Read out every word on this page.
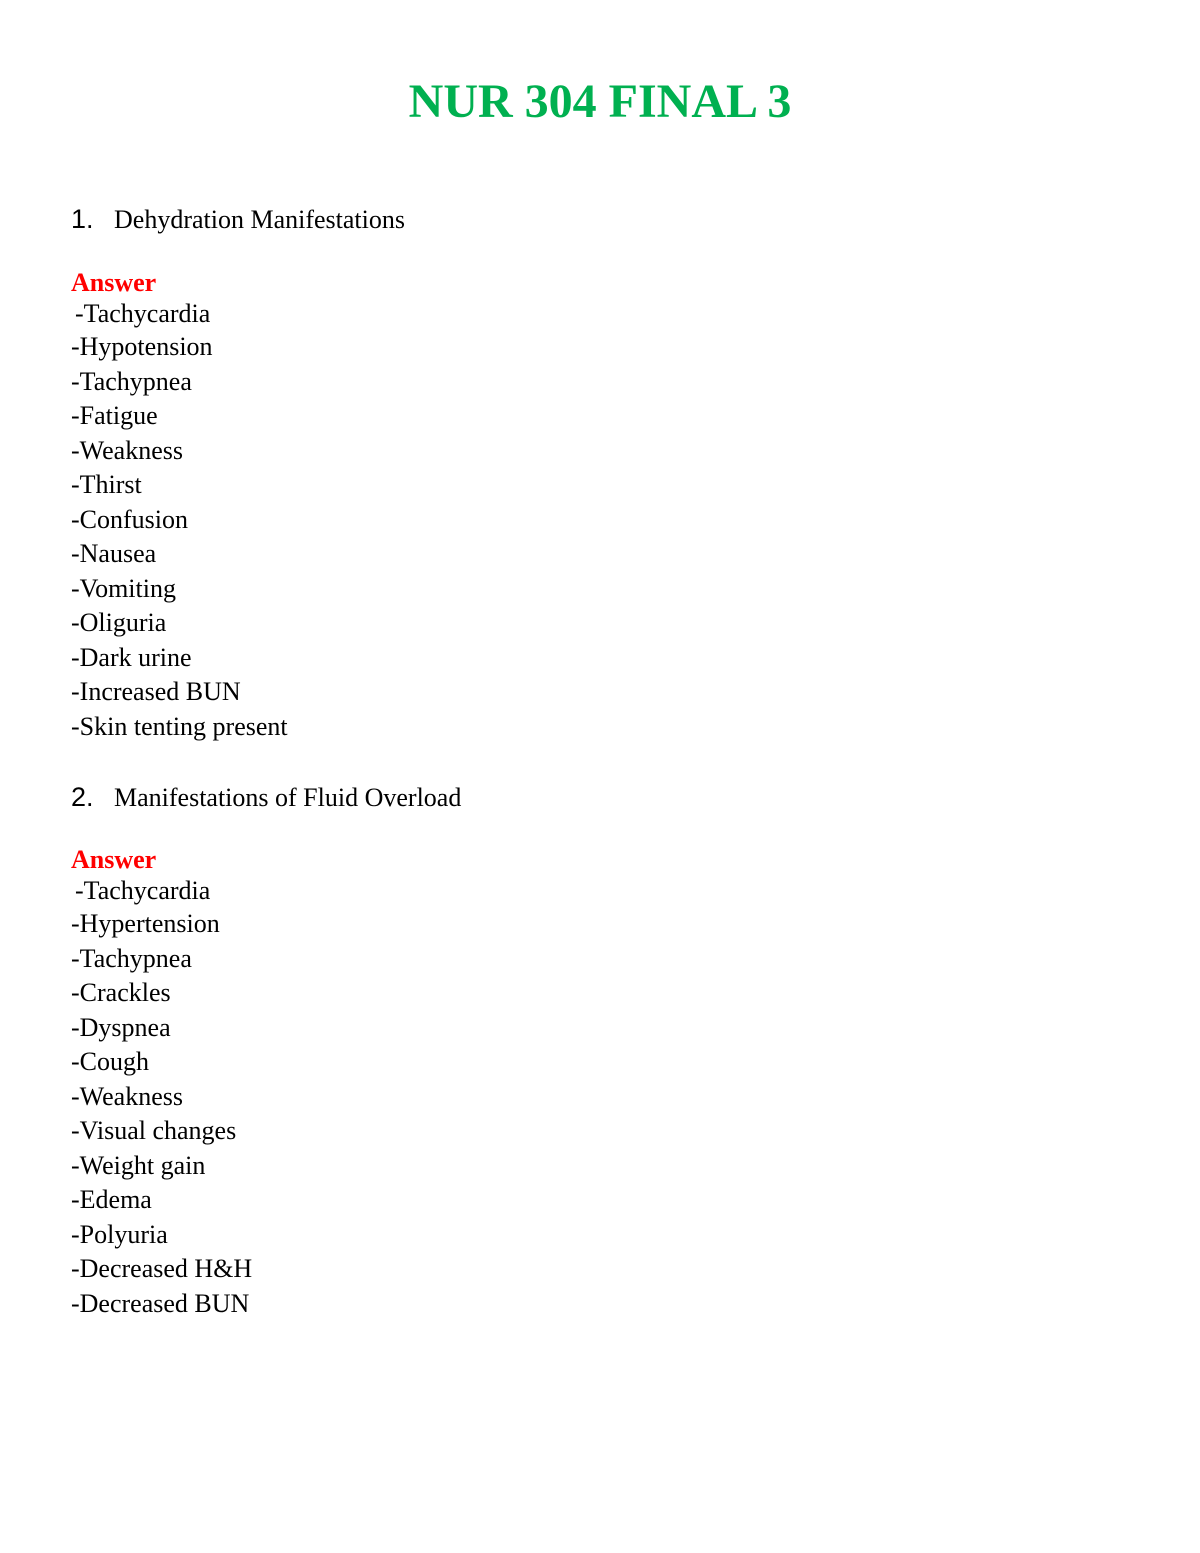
NUR 304 FINAL 3
1. Dehydration Manifestations
Answer
-Tachycardia
-Hypotension
-Tachypnea
-Fatigue
-Weakness
-Thirst
-Confusion
-Nausea
-Vomiting
-Oliguria
-Dark urine
-Increased BUN
-Skin tenting present
2. Manifestations of Fluid Overload
Answer
-Tachycardia
-Hypertension
-Tachypnea
-Crackles
-Dyspnea
-Cough
-Weakness
-Visual changes
-Weight gain
-Edema
-Polyuria
-Decreased H&H
-Decreased BUN
